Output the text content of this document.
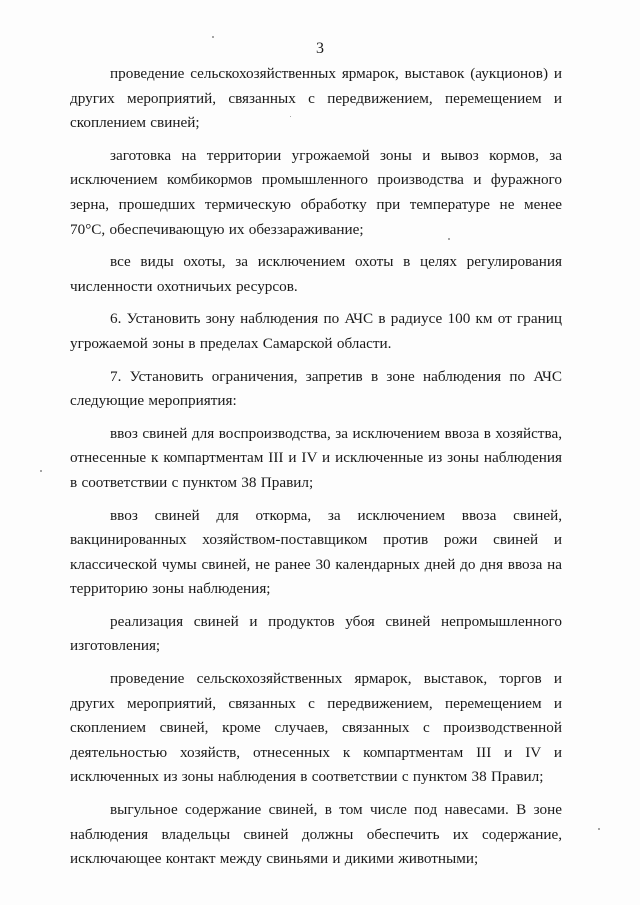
3

проведение сельскохозяйственных ярмарок, выставок (аукционов) и других мероприятий, связанных с передвижением, перемещением и скоплением свиней;

заготовка на территории угрожаемой зоны и вывоз кормов, за исключением комбикормов промышленного производства и фуражного зерна, прошедших термическую обработку при температуре не менее 70°С, обеспечивающую их обеззараживание;

все виды охоты, за исключением охоты в целях регулирования численности охотничьих ресурсов.

6. Установить зону наблюдения по АЧС в радиусе 100 км от границ угрожаемой зоны в пределах Самарской области.

7. Установить ограничения, запретив в зоне наблюдения по АЧС следующие мероприятия:

ввоз свиней для воспроизводства, за исключением ввоза в хозяйства, отнесенные к компартментам III и IV и исключенные из зоны наблюдения в соответствии с пунктом 38 Правил;

ввоз свиней для откорма, за исключением ввоза свиней, вакцинированных хозяйством-поставщиком против рожи свиней и классической чумы свиней, не ранее 30 календарных дней до дня ввоза на территорию зоны наблюдения;

реализация свиней и продуктов убоя свиней непромышленного изготовления;

проведение сельскохозяйственных ярмарок, выставок, торгов и других мероприятий, связанных с передвижением, перемещением и скоплением свиней, кроме случаев, связанных с производственной деятельностью хозяйств, отнесенных к компартментам III и IV и исключенных из зоны наблюдения в соответствии с пунктом 38 Правил;

выгульное содержание свиней, в том числе под навесами. В зоне наблюдения владельцы свиней должны обеспечить их содержание, исключающее контакт между свиньями и дикими животными;
